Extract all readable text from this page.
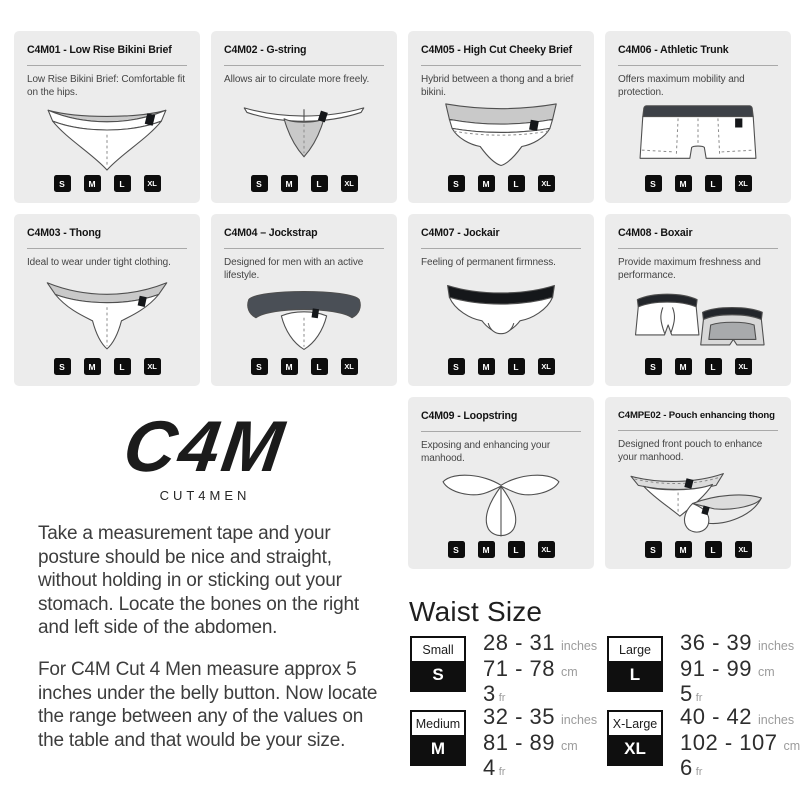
C4M01 - Low Rise Bikini Brief

Low Rise Bikini Brief: Comfortable fit on the hips.

S	M	L	XL
C4M02 - G-string

Allows air to circulate more freely.

S	M	L	XL
C4M05 - High Cut Cheeky Brief

Hybrid between a thong and a brief bikini.

S	M	L	XL
C4M06 - Athletic Trunk

Offers maximum mobility and protection.

S	M	L	XL
C4M03 - Thong

Ideal to wear under tight clothing.

S	M	L	XL
C4M04 – Jockstrap

Designed for men with an active lifestyle.

S	M	L	XL
C4M07 - Jockair

Feeling of permanent firmness.

S	M	L	XL
C4M08 - Boxair

Provide maximum freshness and performance.

S	M	L	XL
C4M09 - Loopstring

Exposing and enhancing your manhood.

S	M	L	XL
C4MPE02 - Pouch enhancing thong

Designed front pouch to enhance your manhood.

S	M	L	XL
C4M
CUT4MEN

Take a measurement tape and your posture should be nice and straight, without holding in or sticking out your stomach. Locate the bones on the right and left side of the abdomen.

For C4M Cut 4 Men measure approx 5 inches under the belly button. Now locate the range between any of the values on the table and that would be your size.

Waist Size
Small
S
28 - 31 inches
71 - 78 cm
3 fr
Large
L
36 - 39 inches
91 - 99 cm
5 fr
Medium
M
32 - 35 inches
81 - 89 cm
4 fr
X-Large
XL
40 - 42 inches
102 - 107 cm
6 fr
